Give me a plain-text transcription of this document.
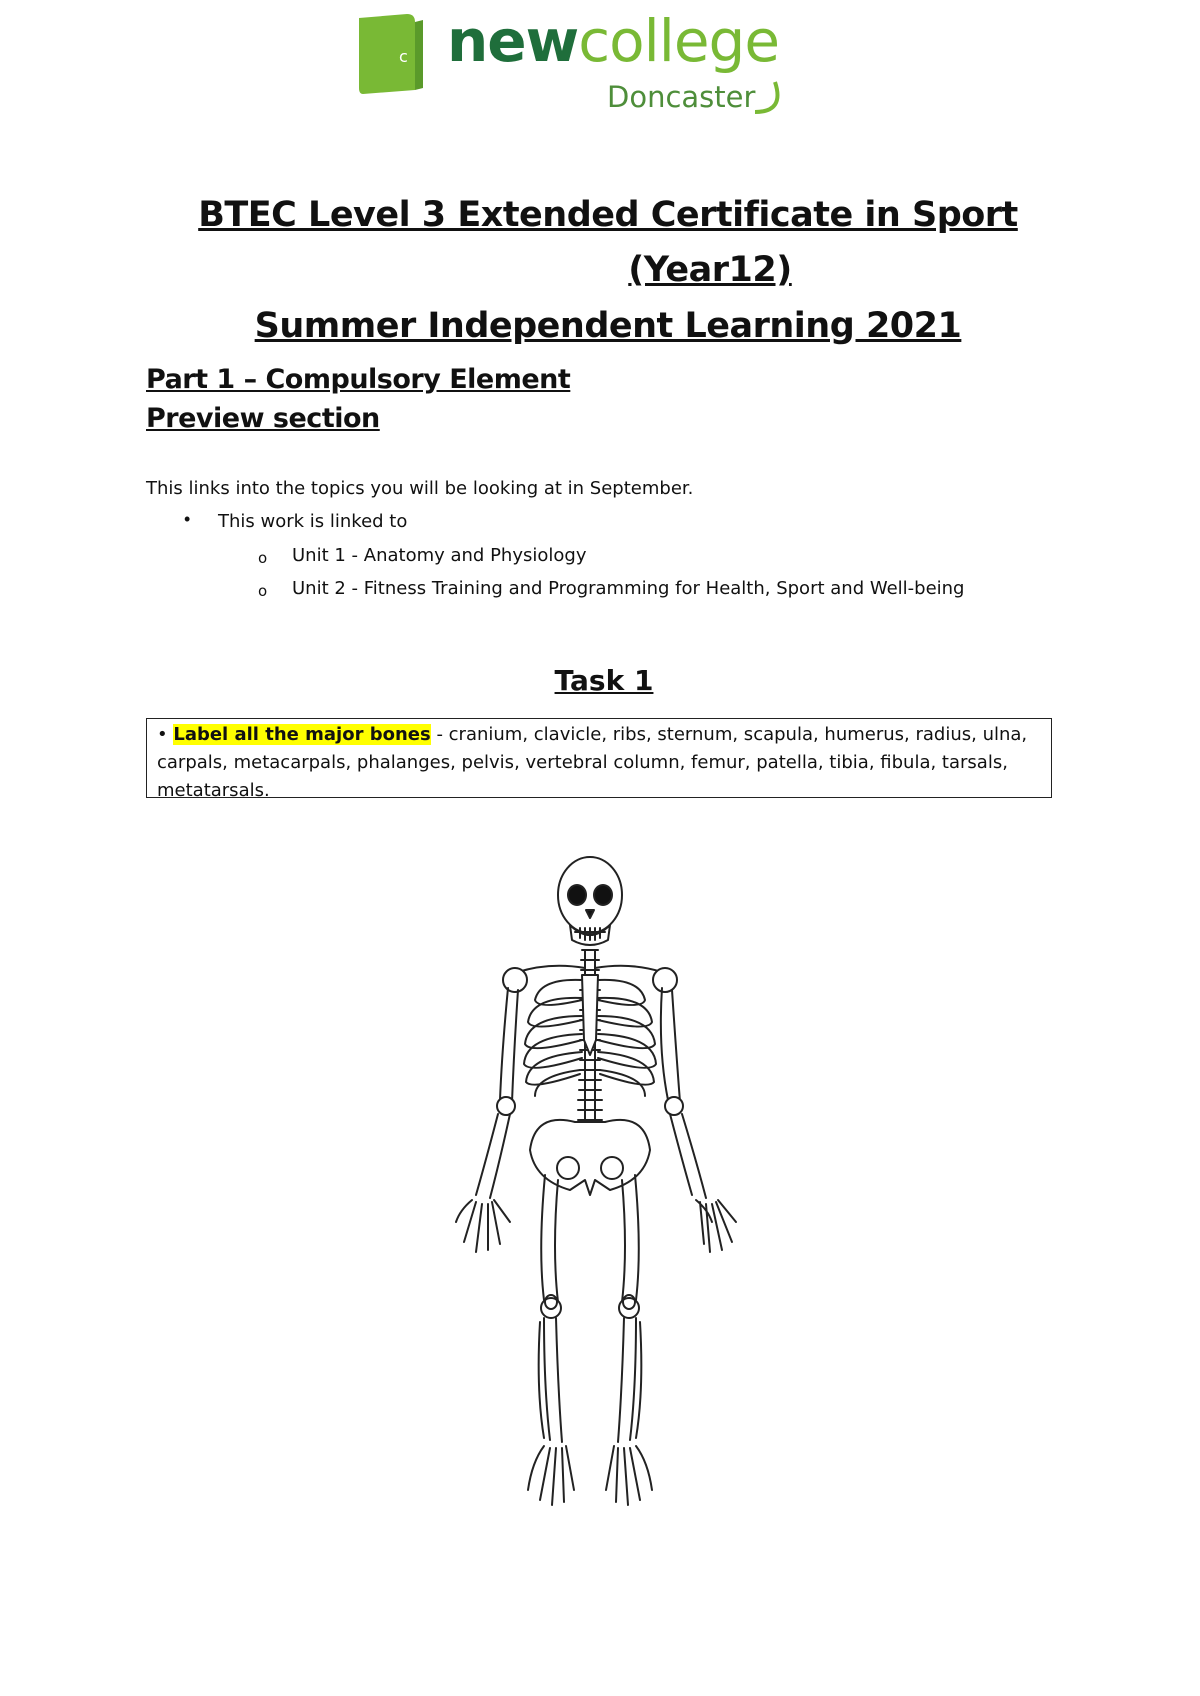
c newcollege
Doncaster
BTEC Level 3 Extended Certificate in Sport
(Year12)
Summer Independent Learning 2021
Part 1 – Compulsory Element
Preview section
This links into the topics you will be looking at in September.
• This work is linked to
o Unit 1 - Anatomy and Physiology
o Unit 2 - Fitness Training and Programming for Health, Sport and Well-being
Task 1
• Label all the major bones - cranium, clavicle, ribs, sternum, scapula, humerus, radius, ulna, carpals, metacarpals, phalanges, pelvis, vertebral column, femur, patella, tibia, fibula, tarsals, metatarsals.
